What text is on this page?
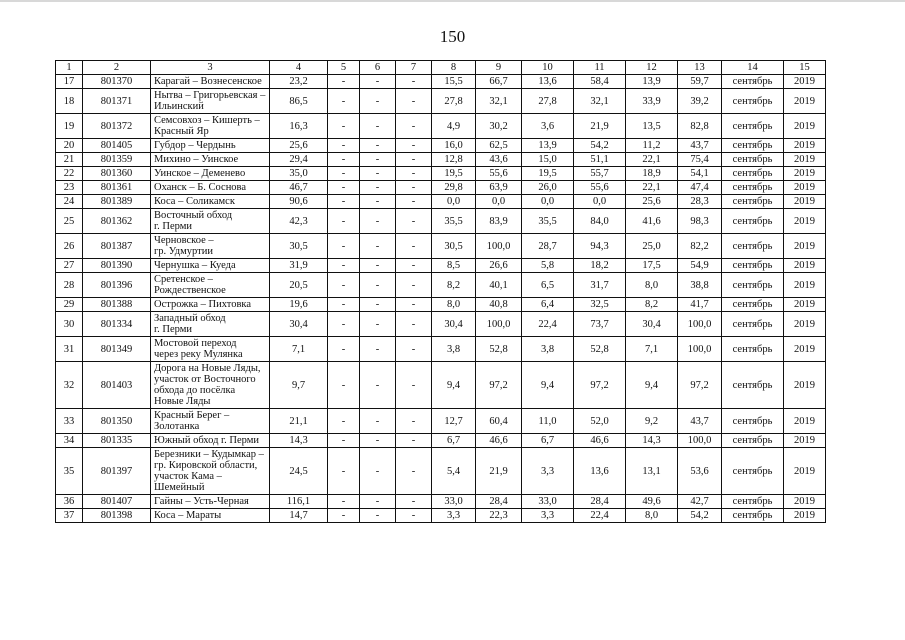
150
1	2	3	4	5	6	7	8	9	10	11	12	13	14	15
17	801370	Карагай – Вознесенское	23,2	-	-	-	15,5	66,7	13,6	58,4	13,9	59,7	сентябрь	2019
18	801371	Нытва – Григорьевская –
Ильинский	86,5	-	-	-	27,8	32,1	27,8	32,1	33,9	39,2	сентябрь	2019
19	801372	Семсовхоз – Кишерть –
Красный Яр	16,3	-	-	-	4,9	30,2	3,6	21,9	13,5	82,8	сентябрь	2019
20	801405	Губдор – Чердынь	25,6	-	-	-	16,0	62,5	13,9	54,2	11,2	43,7	сентябрь	2019
21	801359	Михино – Уинское	29,4	-	-	-	12,8	43,6	15,0	51,1	22,1	75,4	сентябрь	2019
22	801360	Уинское – Деменево	35,0	-	-	-	19,5	55,6	19,5	55,7	18,9	54,1	сентябрь	2019
23	801361	Оханск – Б. Соснова	46,7	-	-	-	29,8	63,9	26,0	55,6	22,1	47,4	сентябрь	2019
24	801389	Коса – Соликамск	90,6	-	-	-	0,0	0,0	0,0	0,0	25,6	28,3	сентябрь	2019
25	801362	Восточный обход
г. Перми	42,3	-	-	-	35,5	83,9	35,5	84,0	41,6	98,3	сентябрь	2019
26	801387	Черновское –
гр. Удмуртии	30,5	-	-	-	30,5	100,0	28,7	94,3	25,0	82,2	сентябрь	2019
27	801390	Чернушка – Куеда	31,9	-	-	-	8,5	26,6	5,8	18,2	17,5	54,9	сентябрь	2019
28	801396	Сретенское –
Рождественское	20,5	-	-	-	8,2	40,1	6,5	31,7	8,0	38,8	сентябрь	2019
29	801388	Острожка – Пихтовка	19,6	-	-	-	8,0	40,8	6,4	32,5	8,2	41,7	сентябрь	2019
30	801334	Западный обход
г. Перми	30,4	-	-	-	30,4	100,0	22,4	73,7	30,4	100,0	сентябрь	2019
31	801349	Мостовой переход
через реку Мулянка	7,1	-	-	-	3,8	52,8	3,8	52,8	7,1	100,0	сентябрь	2019
32	801403	Дорога на Новые Ляды,
участок от Восточного
обхода до посёлка
Новые Ляды	9,7	-	-	-	9,4	97,2	9,4	97,2	9,4	97,2	сентябрь	2019
33	801350	Красный Берег –
Золотанка	21,1	-	-	-	12,7	60,4	11,0	52,0	9,2	43,7	сентябрь	2019
34	801335	Южный обход г. Перми	14,3	-	-	-	6,7	46,6	6,7	46,6	14,3	100,0	сентябрь	2019
35	801397	Березники – Кудымкар –
гр. Кировской области,
участок Кама –
Шемейный	24,5	-	-	-	5,4	21,9	3,3	13,6	13,1	53,6	сентябрь	2019
36	801407	Гайны – Усть-Черная	116,1	-	-	-	33,0	28,4	33,0	28,4	49,6	42,7	сентябрь	2019
37	801398	Коса – Мараты	14,7	-	-	-	3,3	22,3	3,3	22,4	8,0	54,2	сентябрь	2019
